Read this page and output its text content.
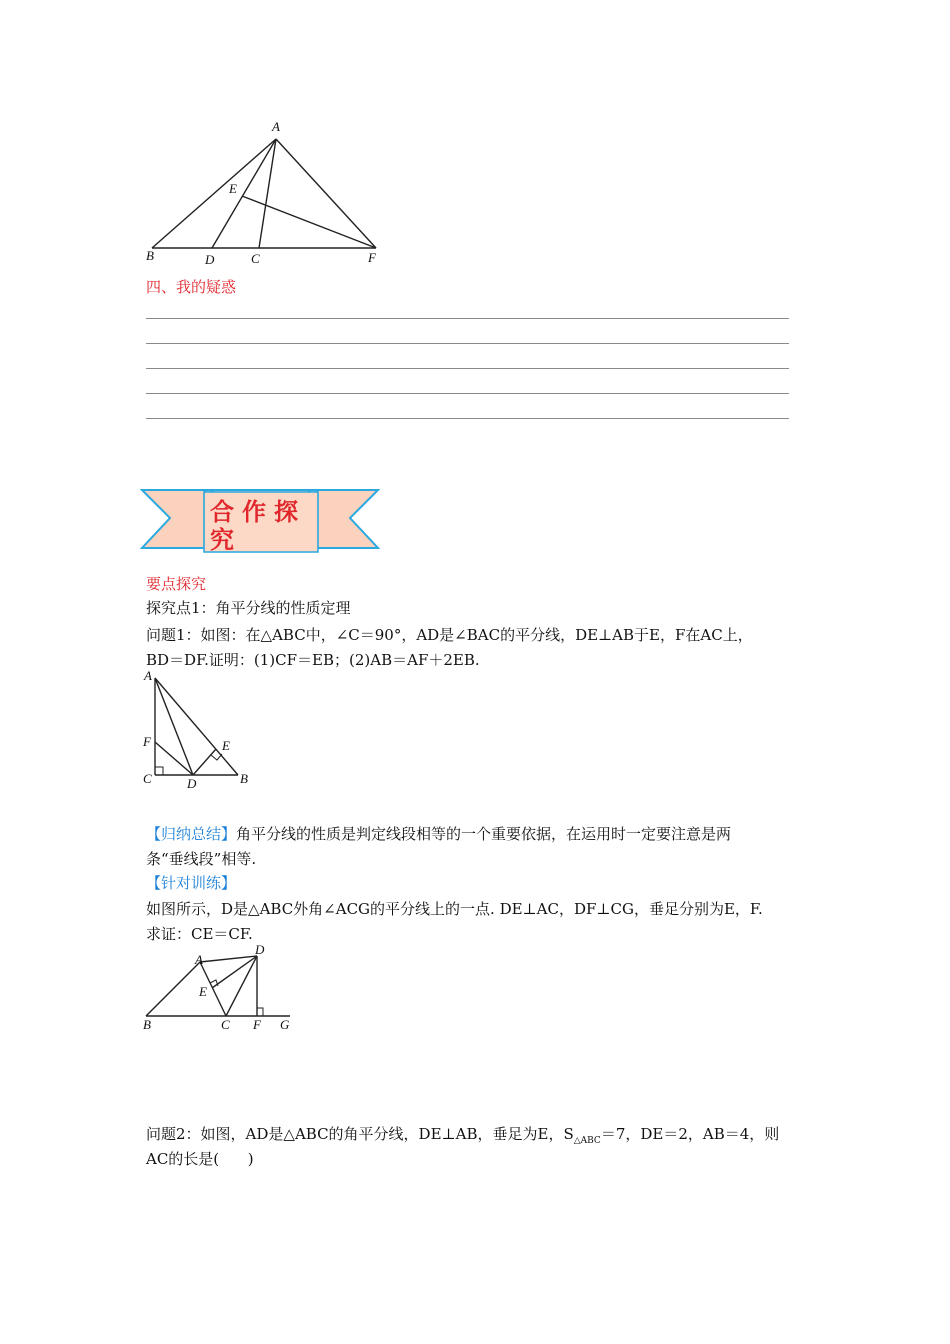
A
E
B	D	C	F
四、我的疑惑
合作探究
要点探究
探究点1：角平分线的性质定理
问题1：如图：在△ABC中，∠C＝90°，AD是∠BAC的平分线，DE⊥AB于E，F在AC上，
BD＝DF.证明：(1)CF＝EB；(2)AB＝AF＋2EB.
A
F	E
C	D	B
【归纳总结】角平分线的性质是判定线段相等的一个重要依据，在运用时一定要注意是两
条“垂线段”相等.
【针对训练】
如图所示，D是△ABC外角∠ACG的平分线上的一点. DE⊥AC，DF⊥CG，垂足分别为E，F.
求证：CE＝CF.
A
D
E
B	C F G
问题2：如图，AD是△ABC的角平分线，DE⊥AB，垂足为E，$S_{\triangle ABC}=7$，DE＝2，AB＝4，则
AC的长是(      )
